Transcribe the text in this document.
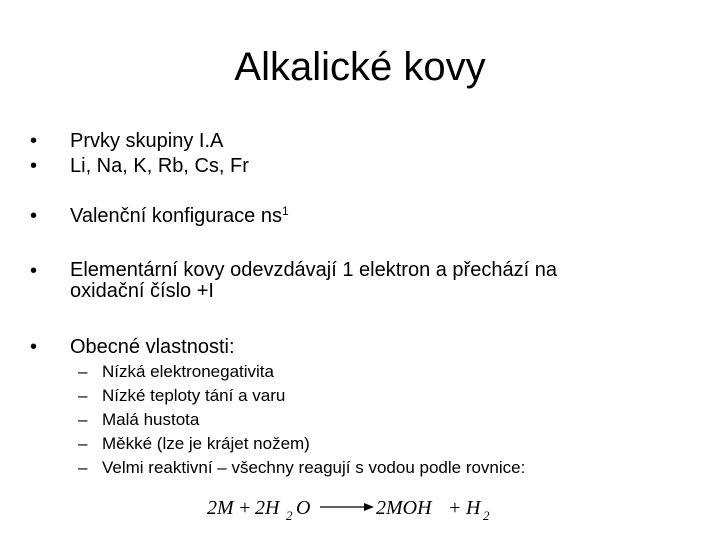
Alkalické kovy
• Prvky skupiny I.A
• Li, Na, K, Rb, Cs, Fr
• Valenční konfigurace $ns^1$
• Elementární kovy odevzdávají 1 elektron a přechází na oxidační číslo +I
• Obecné vlastnosti:
– Nízká elektronegativita
– Nízké teploty tání a varu
– Malá hustota
– Měkké (lze je krájet nožem)
– Velmi reaktivní – všechny reagují s vodou podle rovnice:
2M + 2H 2 O	2MOH + H 2
